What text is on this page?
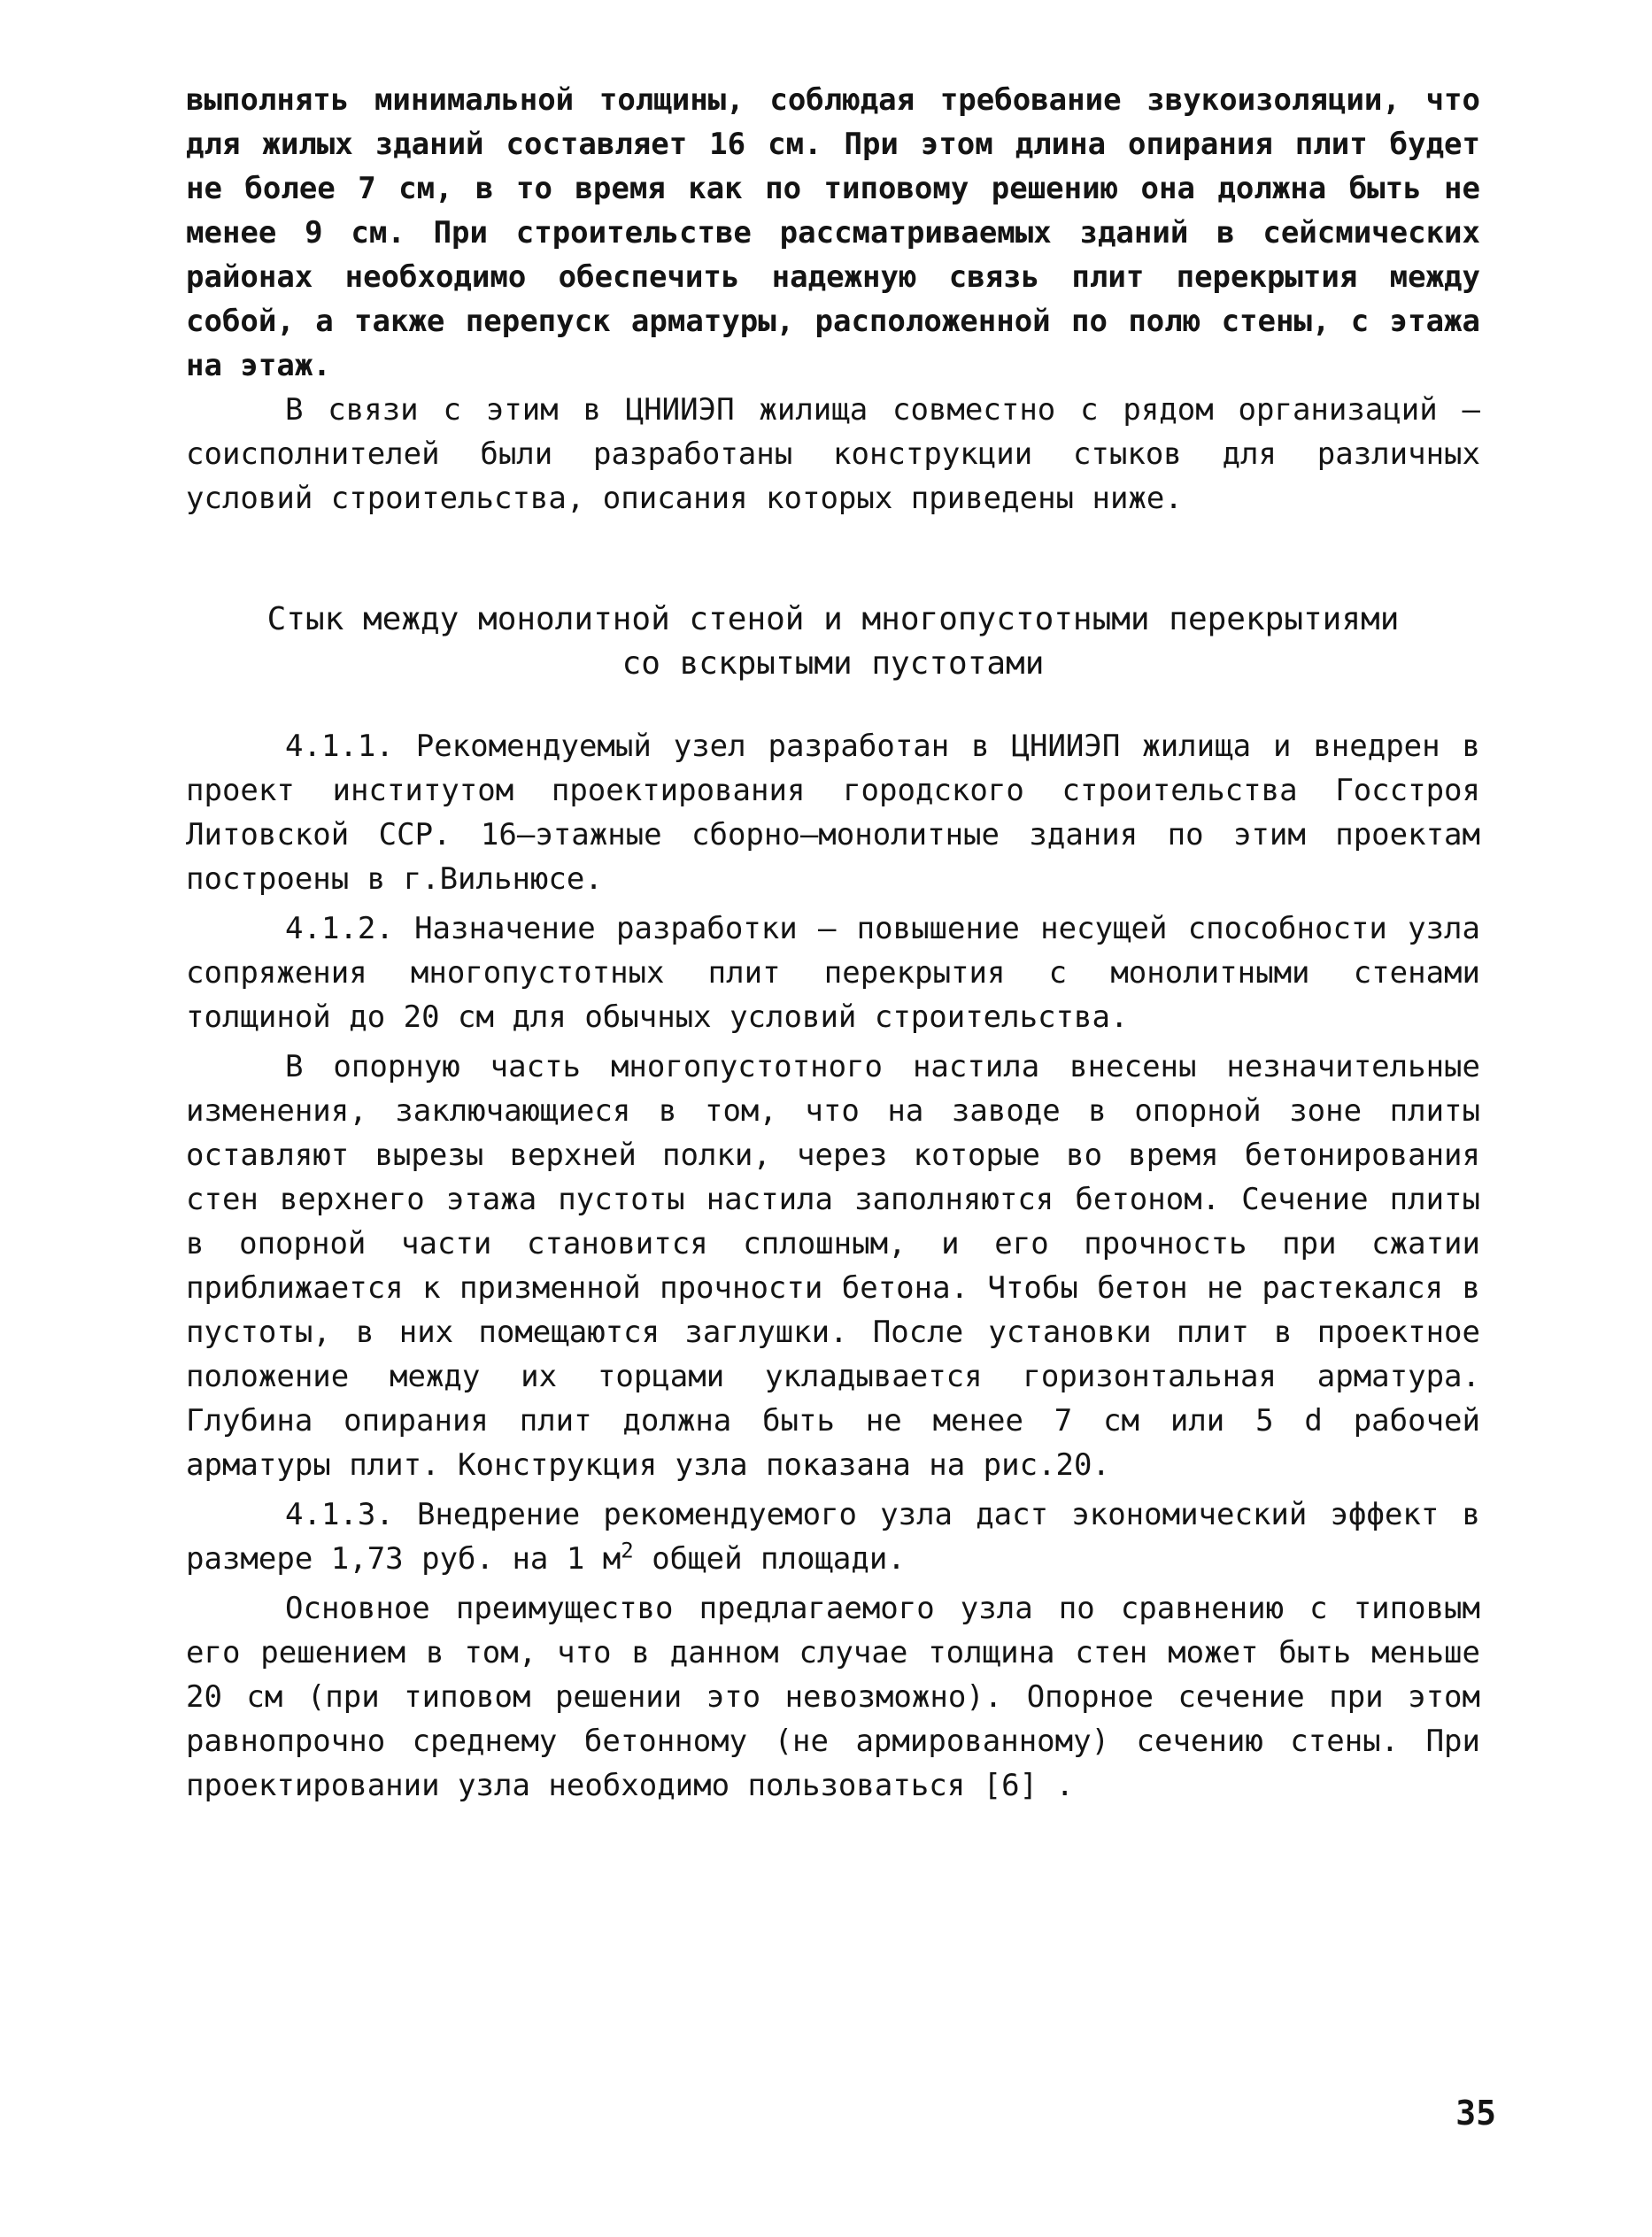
выполнять минимальной толщины, соблюдая требование звукоизоляции, что для жилых зданий составляет 16 см. При этом длина опирания плит будет не более 7 см, в то время как по типовому решению она должна быть не менее 9 см. При строительстве рассматриваемых зданий в сейсмических районах необходимо обеспечить надежную связь плит перекрытия между собой, а также перепуск арматуры, расположенной по полю стены, с этажа на этаж.

В связи с этим в ЦНИИЭП жилища совместно с рядом организаций – соисполнителей были разработаны конструкции стыков для различных условий строительства, описания которых приведены ниже.

Стык между монолитной стеной и многопустотными перекрытиями
со вскрытыми пустотами

4.1.1. Рекомендуемый узел разработан в ЦНИИЭП жилища и внедрен в проект институтом проектирования городского строительства Госстроя Литовской ССР. 16–этажные сборно–монолитные здания по этим проектам построены в г.Вильнюсе.

4.1.2. Назначение разработки – повышение несущей способности узла сопряжения многопустотных плит перекрытия с монолитными стенами толщиной до 20 см для обычных условий строительства.

В опорную часть многопустотного настила внесены незначительные изменения, заключающиеся в том, что на заводе в опорной зоне плиты оставляют вырезы верхней полки, через которые во время бетонирования стен верхнего этажа пустоты настила заполняются бетоном. Сечение плиты в опорной части становится сплошным, и его прочность при сжатии приближается к призменной прочности бетона. Чтобы бетон не растекался в пустоты, в них помещаются заглушки. После установки плит в проектное положение между их торцами укладывается горизонтальная арматура. Глубина опирания плит должна быть не менее 7 см или 5 d рабочей арматуры плит. Конструкция узла показана на рис.20.

4.1.3. Внедрение рекомендуемого узла даст экономический эффект в размере 1,73 руб. на 1 $м^2$ общей площади.

Основное преимущество предлагаемого узла по сравнению с типовым его решением в том, что в данном случае толщина стен может быть меньше 20 см (при типовом решении это невозможно). Опорное сечение при этом равнопрочно среднему бетонному (не армированному) сечению стены. При проектировании узла необходимо пользоваться [6] .

35
